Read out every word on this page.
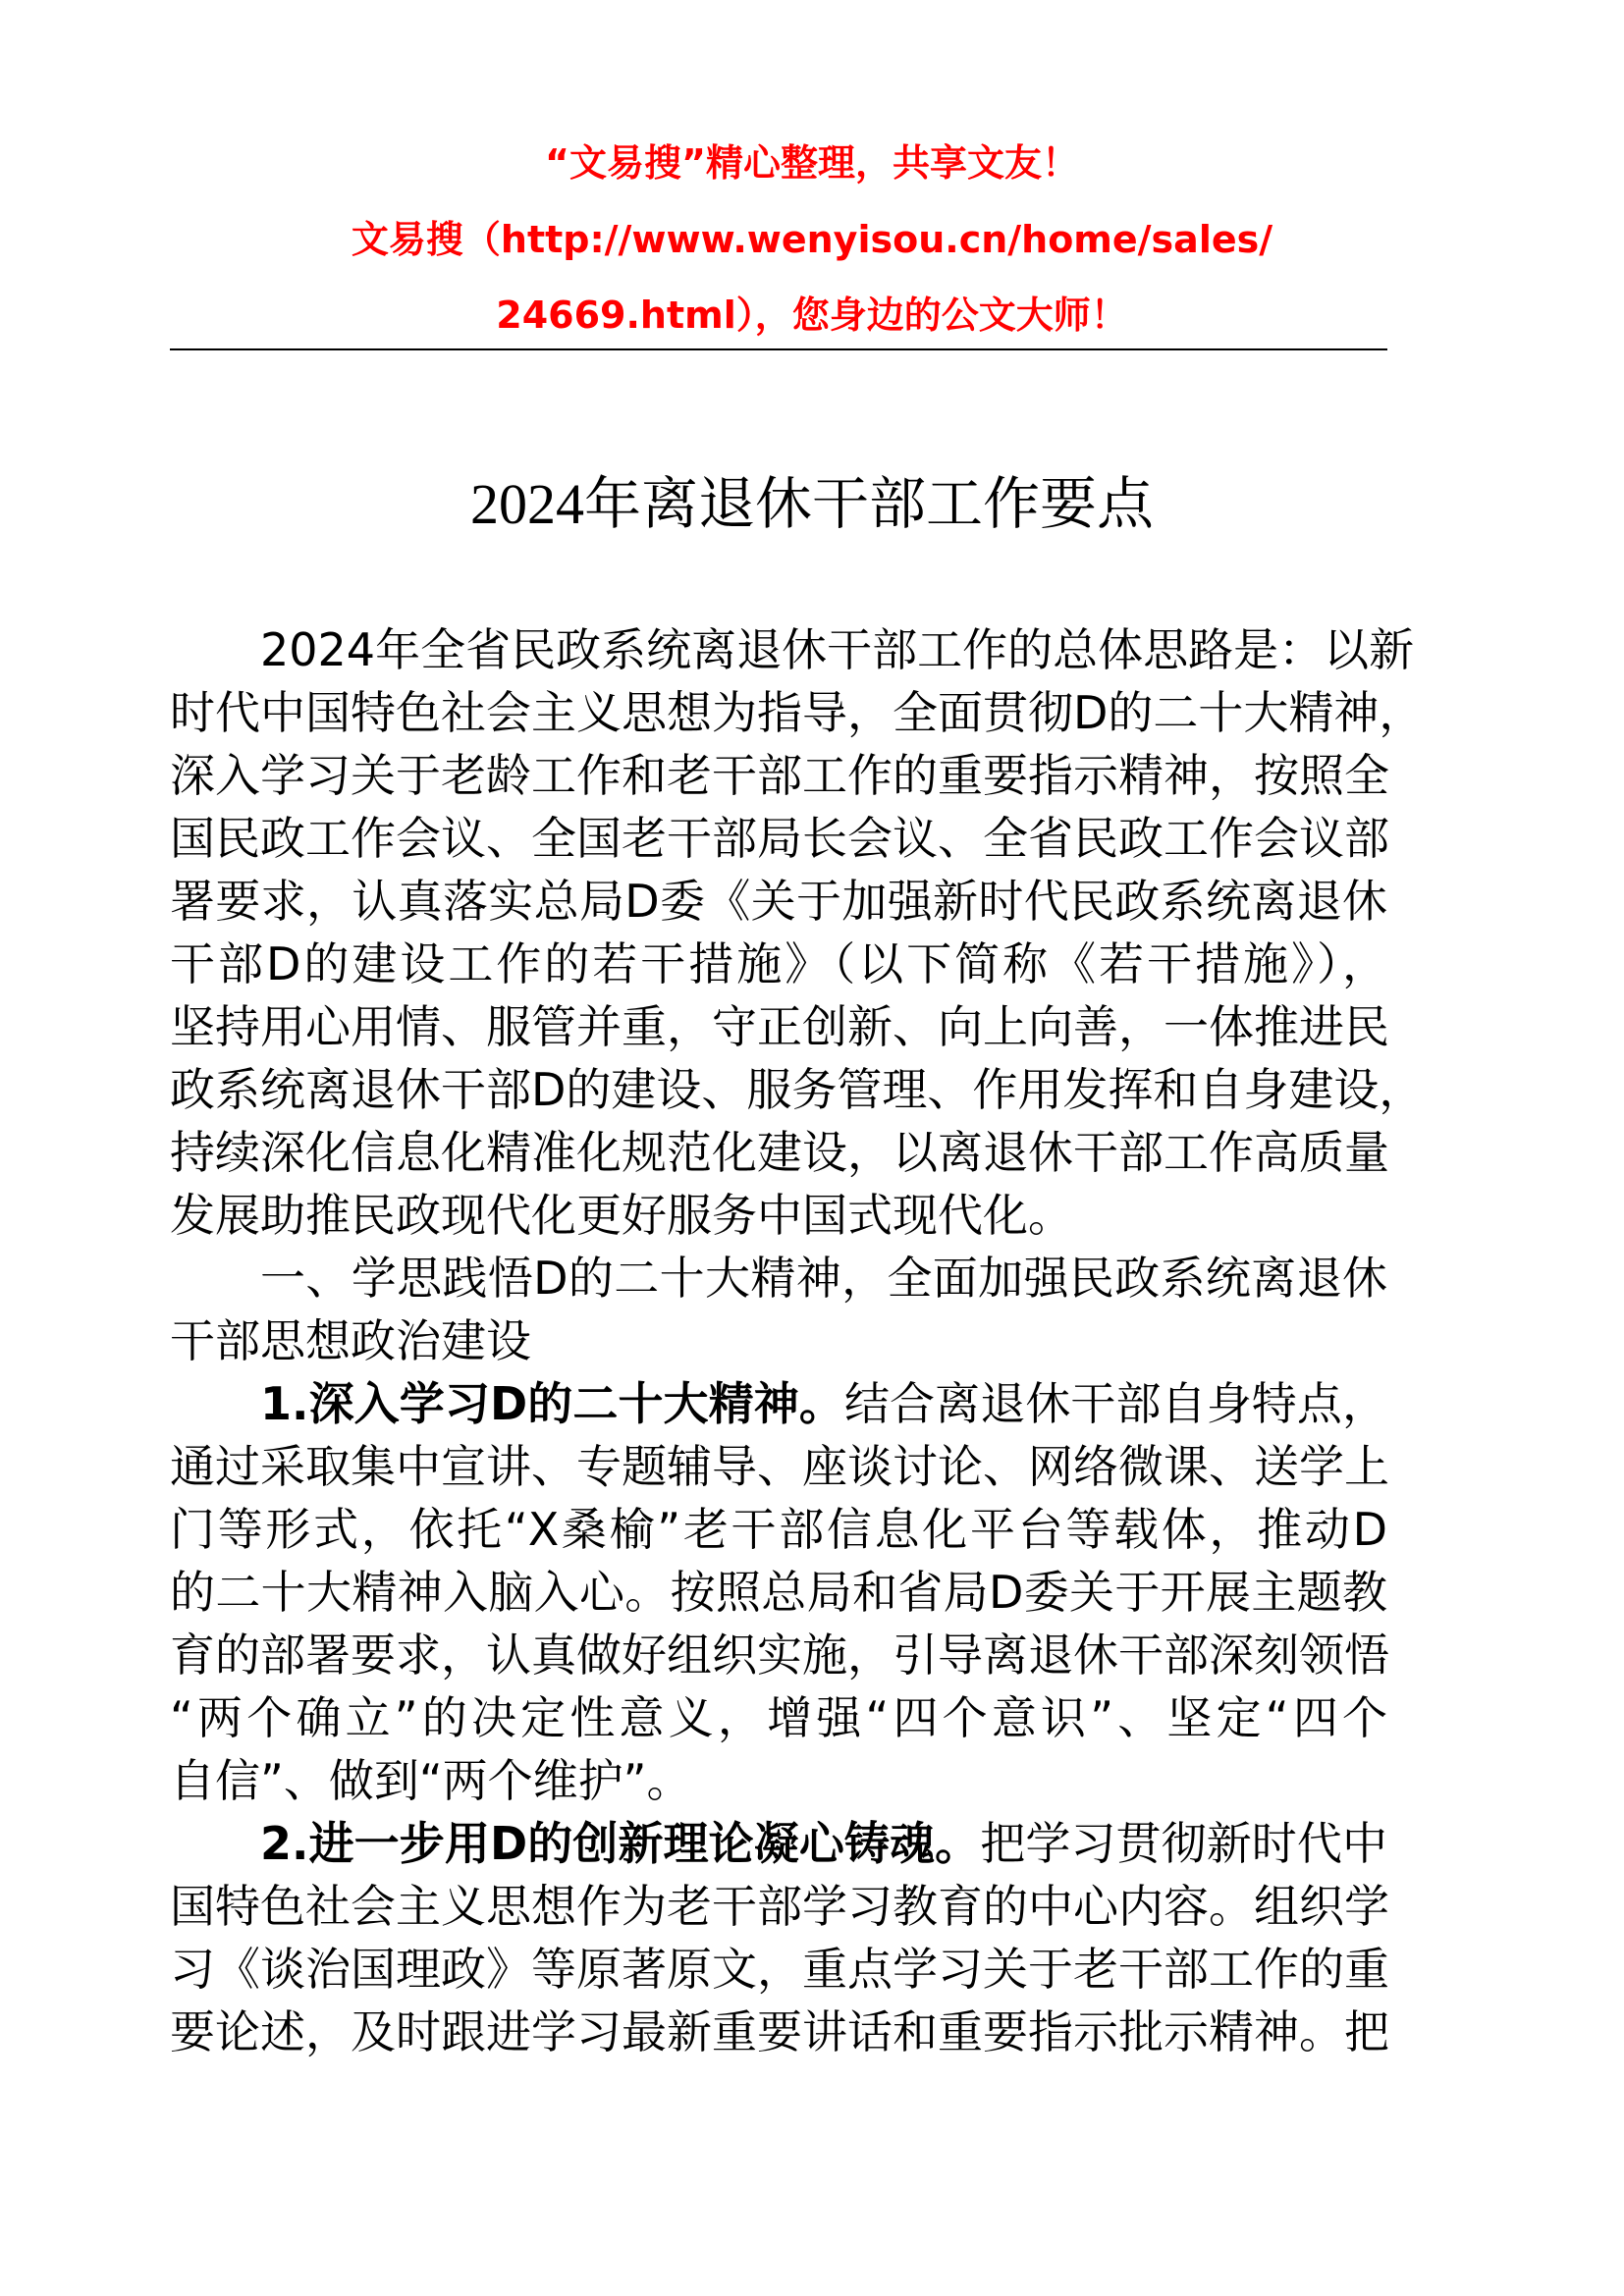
“文易搜”精心整理，共享文友！
文易搜（http://www.wenyisou.cn/home/sales/
24669.html），您身边的公文大师！
2024年离退休干部工作要点
2024年全省民政系统离退休干部工作的总体思路是：以新
时代中国特色社会主义思想为指导，全面贯彻D的二十大精神，
深入学习关于老龄工作和老干部工作的重要指示精神，按照全
国民政工作会议、全国老干部局长会议、全省民政工作会议部
署要求，认真落实总局D委《关于加强新时代民政系统离退休
干部D的建设工作的若干措施》（以下简称《若干措施》），
坚持用心用情、服管并重，守正创新、向上向善，一体推进民
政系统离退休干部D的建设、服务管理、作用发挥和自身建设，
持续深化信息化精准化规范化建设，以离退休干部工作高质量
发展助推民政现代化更好服务中国式现代化。
一、学思践悟D的二十大精神，全面加强民政系统离退休
干部思想政治建设
1.深入学习D的二十大精神。结合离退休干部自身特点，
通过采取集中宣讲、专题辅导、座谈讨论、网络微课、送学上
门等形式，依托“X桑榆”老干部信息化平台等载体，推动D
的二十大精神入脑入心。按照总局和省局D委关于开展主题教
育的部署要求，认真做好组织实施，引导离退休干部深刻领悟
“两个确立”的决定性意义，增强“四个意识”、坚定“四个
自信”、做到“两个维护”。
2.进一步用D的创新理论凝心铸魂。把学习贯彻新时代中
国特色社会主义思想作为老干部学习教育的中心内容。组织学
习《谈治国理政》等原著原文，重点学习关于老干部工作的重
要论述，及时跟进学习最新重要讲话和重要指示批示精神。把
